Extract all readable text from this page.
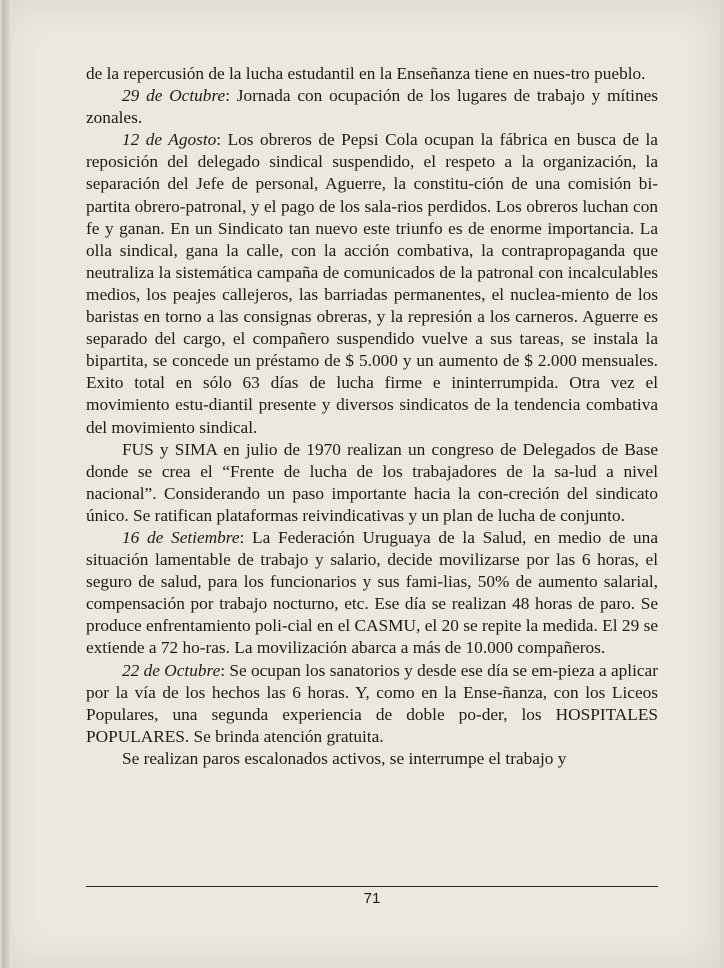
de la repercusión de la lucha estudantil en la Enseñanza tiene en nues-tro pueblo.

29 de Octubre: Jornada con ocupación de los lugares de trabajo y mítines zonales.

12 de Agosto: Los obreros de Pepsi Cola ocupan la fábrica en busca de la reposición del delegado sindical suspendido, el respeto a la organización, la separación del Jefe de personal, Aguerre, la constitu-ción de una comisión bi-partita obrero-patronal, y el pago de los sala-rios perdidos. Los obreros luchan con fe y ganan. En un Sindicato tan nuevo este triunfo es de enorme importancia. La olla sindical, gana la calle, con la acción combativa, la contrapropaganda que neutraliza la sistemática campaña de comunicados de la patronal con incalculables medios, los peajes callejeros, las barriadas permanentes, el nuclea-miento de los baristas en torno a las consignas obreras, y la represión a los carneros. Aguerre es separado del cargo, el compañero suspendido vuelve a sus tareas, se instala la bipartita, se concede un préstamo de $ 5.000 y un aumento de $ 2.000 mensuales. Exito total en sólo 63 días de lucha firme e ininterrumpida. Otra vez el movimiento estu-diantil presente y diversos sindicatos de la tendencia combativa del movimiento sindical.

FUS y SIMA en julio de 1970 realizan un congreso de Delegados de Base donde se crea el “Frente de lucha de los trabajadores de la sa-lud a nivel nacional”. Considerando un paso importante hacia la con-creción del sindicato único. Se ratifican plataformas reivindicativas y un plan de lucha de conjunto.

16 de Setiembre: La Federación Uruguaya de la Salud, en medio de una situación lamentable de trabajo y salario, decide movilizarse por las 6 horas, el seguro de salud, para los funcionarios y sus fami-lias, 50% de aumento salarial, compensación por trabajo nocturno, etc. Ese día se realizan 48 horas de paro. Se produce enfrentamiento poli-cial en el CASMU, el 20 se repite la medida. El 29 se extiende a 72 ho-ras. La movilización abarca a más de 10.000 compañeros.

22 de Octubre: Se ocupan los sanatorios y desde ese día se em-pieza a aplicar por la vía de los hechos las 6 horas. Y, como en la Ense-ñanza, con los Liceos Populares, una segunda experiencia de doble po-der, los HOSPITALES POPULARES. Se brinda atención gratuita.

Se realizan paros escalonados activos, se interrumpe el trabajo y

71
